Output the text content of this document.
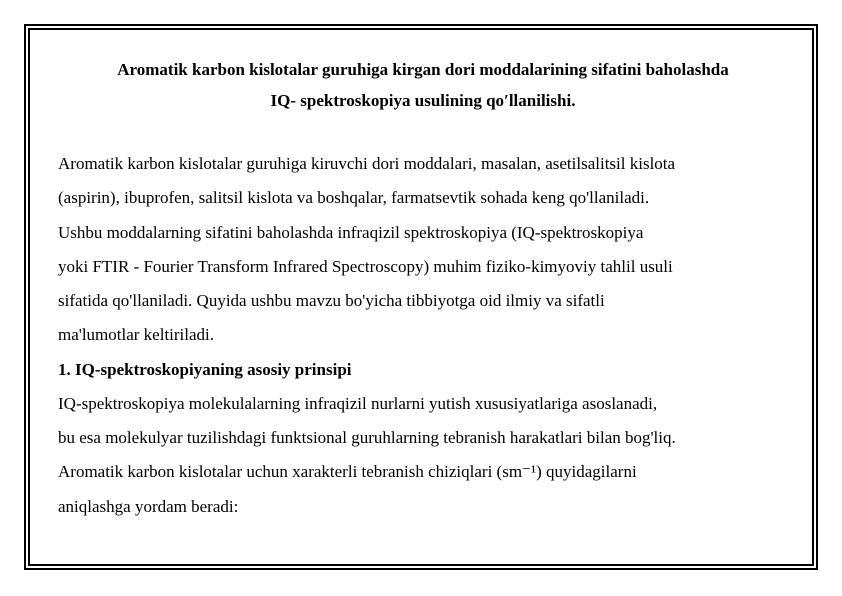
Aromatik karbon kislotalar guruhiga kirgan dori moddalarining sifatini baholashda
IQ- spektroskopiya usulining qo′llanilishi.
Aromatik karbon kislotalar guruhiga kiruvchi dori moddalari, masalan, asetilsalitsil kislota
(aspirin), ibuprofen, salitsil kislota va boshqalar, farmatsevtik sohada keng qo'llaniladi.
Ushbu moddalarning sifatini baholashda infraqizil spektroskopiya (IQ-spektroskopiya
yoki FTIR - Fourier Transform Infrared Spectroscopy) muhim fiziko-kimyoviy tahlil usuli
sifatida qo'llaniladi. Quyida ushbu mavzu bo'yicha tibbiyotga oid ilmiy va sifatli
ma'lumotlar keltiriladi.
1. IQ-spektroskopiyaning asosiy prinsipi
IQ-spektroskopiya molekulalarning infraqizil nurlarni yutish xususiyatlariga asoslanadi,
bu esa molekulyar tuzilishdagi funktsional guruhlarning tebranish harakatlari bilan bog'liq.
Aromatik karbon kislotalar uchun xarakterli tebranish chiziqlari (sm⁻¹) quyidagilarni
aniqlashga yordam beradi:
